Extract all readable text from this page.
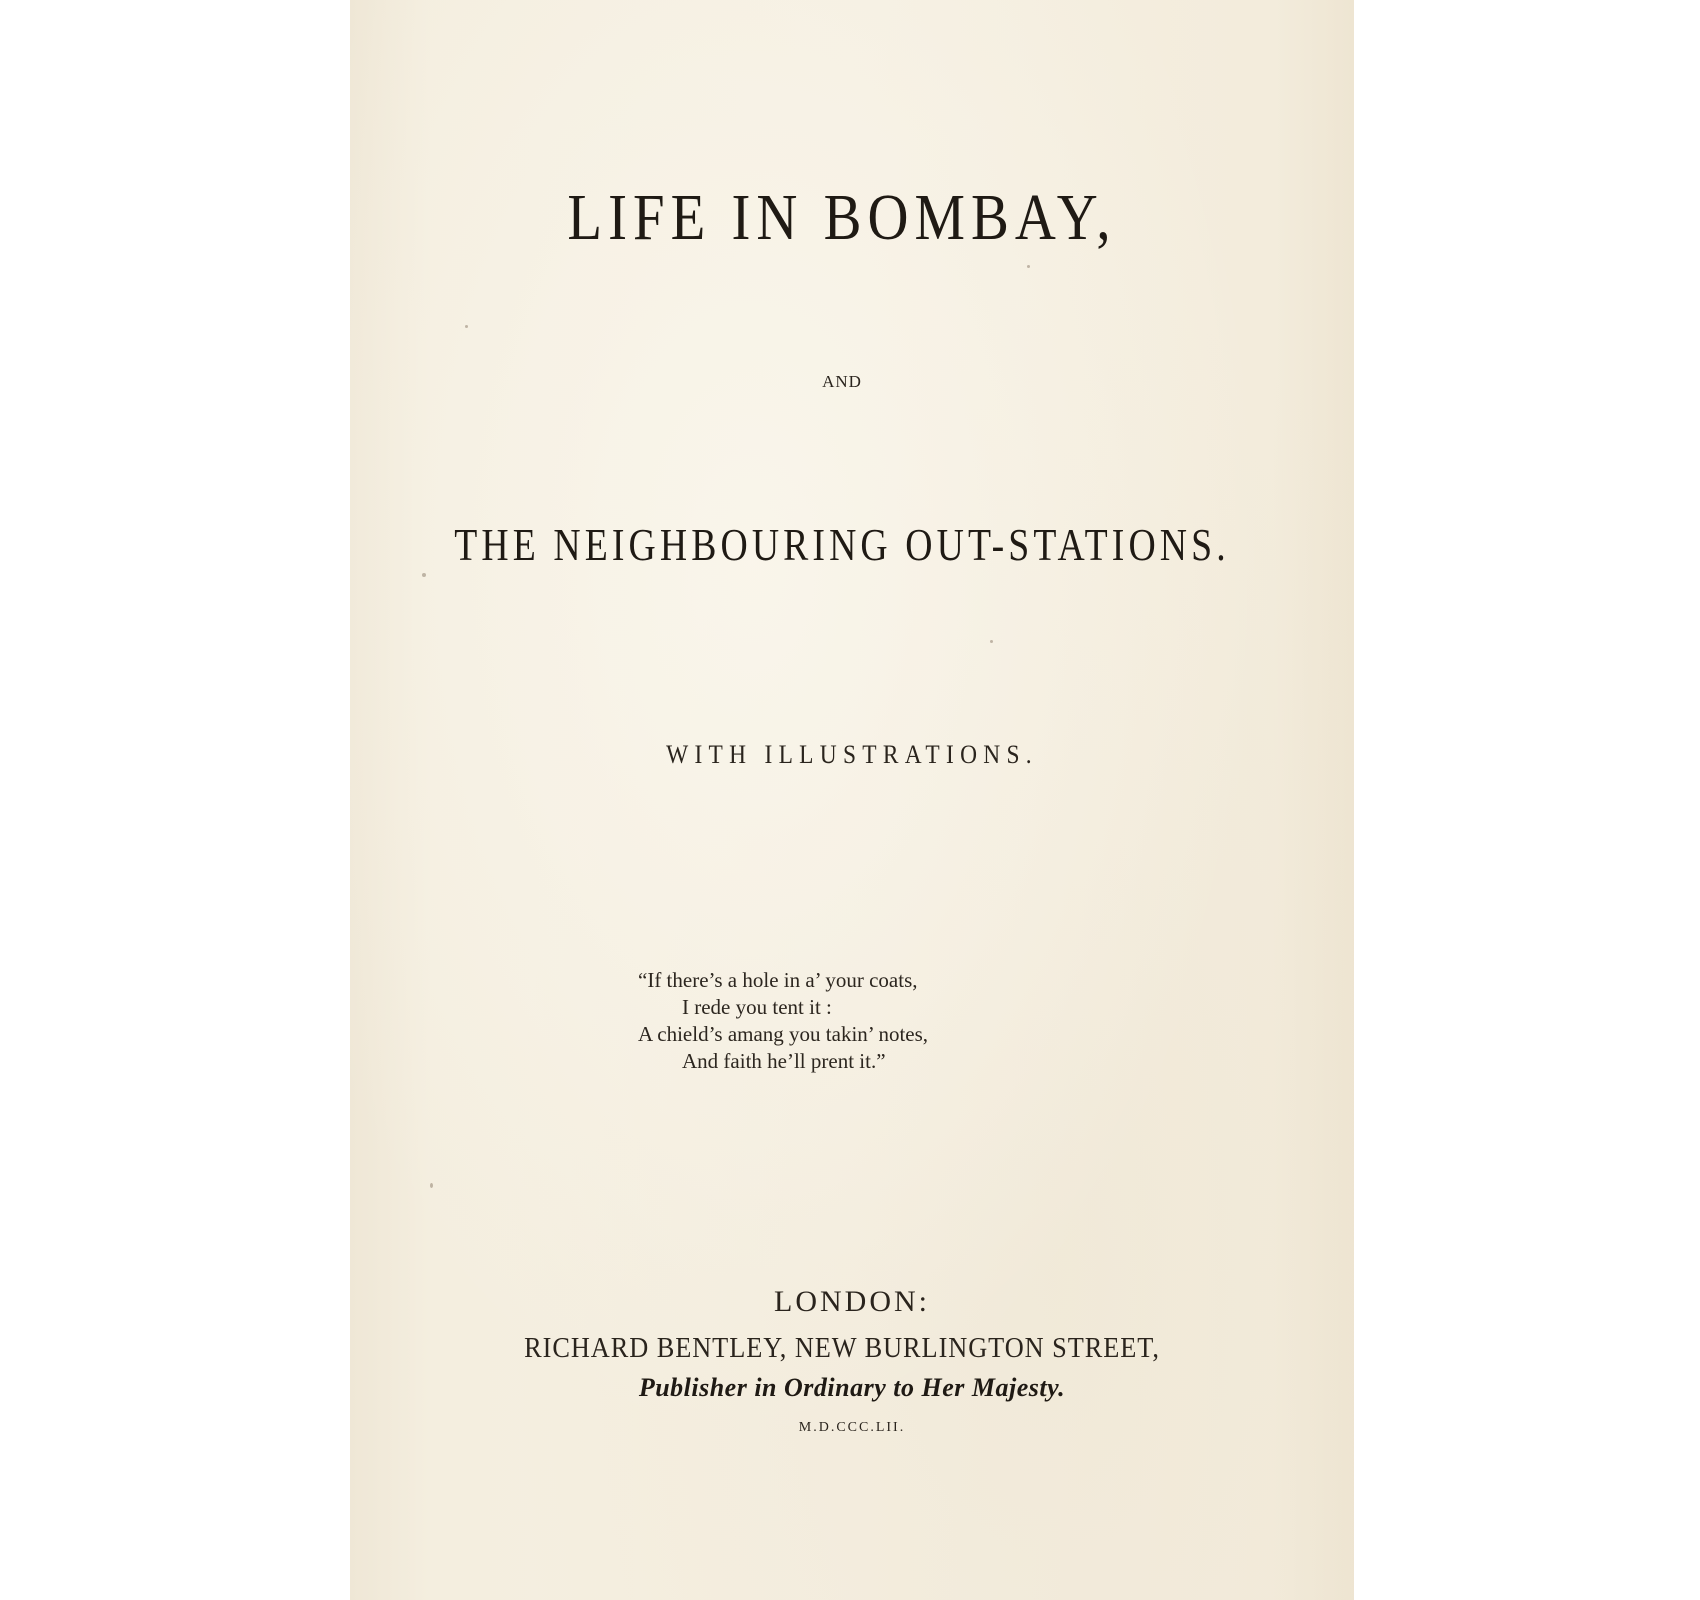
LIFE IN BOMBAY,
AND
THE NEIGHBOURING OUT-STATIONS.
WITH ILLUSTRATIONS.
“If there’s a hole in a’ your coats,
I rede you tent it :
A chield’s amang you takin’ notes,
And faith he’ll prent it.”
LONDON:
RICHARD BENTLEY, NEW BURLINGTON STREET,
Publisher in Ordinary to Her Majesty.
M.D.CCC.LII.
